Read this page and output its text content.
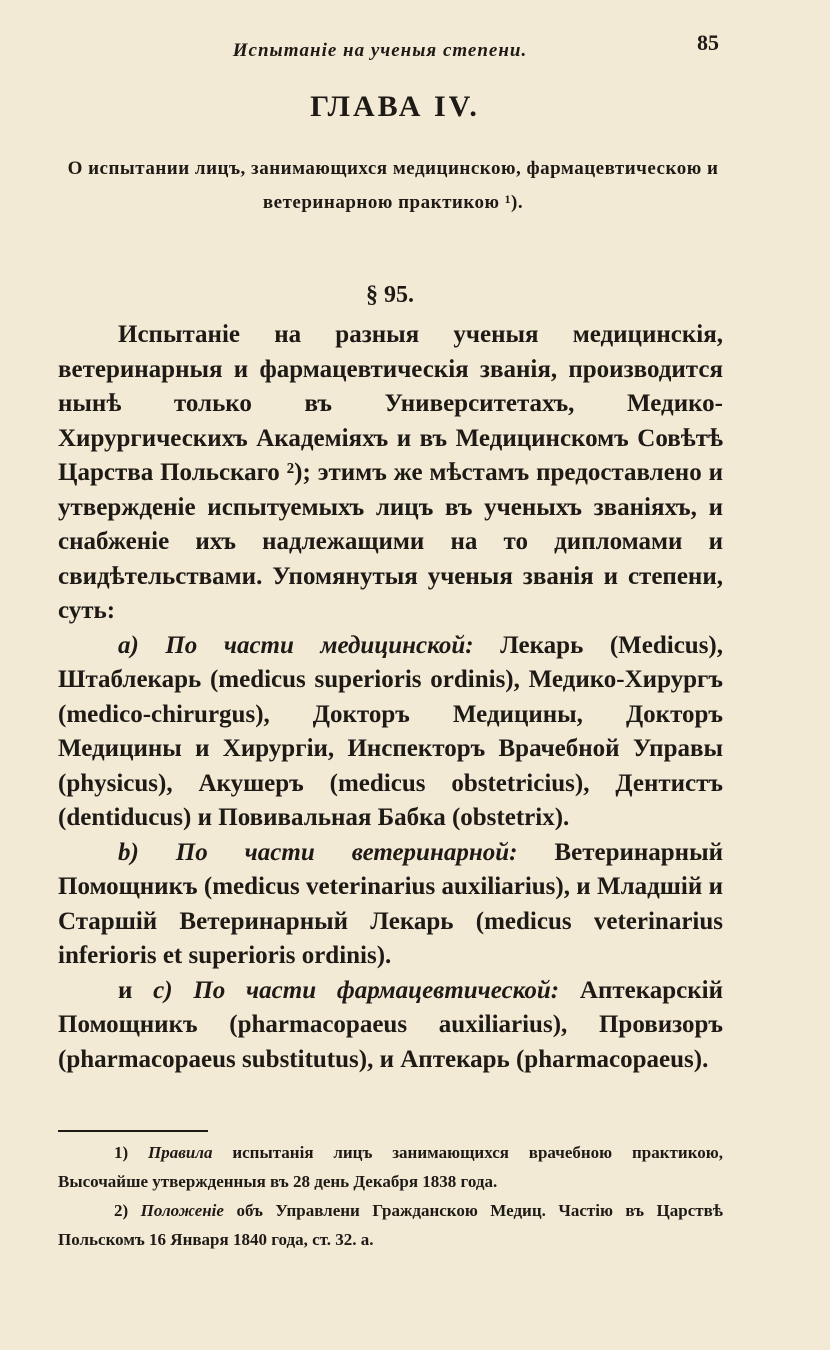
Испытаніе на ученыя степени.	85
ГЛАВА IV.
О испытании лицъ, занимающихся медицинскою, фармацевтическою и ветеринарною практикою ¹).
§ 95.

Испытаніе на разныя ученыя медицинскія, ветеринарныя и фармацевтическія званія, производится нынѣ только въ Университетахъ, Медико-Хирургическихъ Академіяхъ и въ Медицинскомъ Совѣтѣ Царства Польскаго ²); этимъ же мѣстамъ предоставлено и утвержденіе испытуемыхъ лицъ въ ученыхъ званіяхъ, и снабженіе ихъ надлежащими на то дипломами и свидѣтельствами. Упомянутыя ученыя званія и степени, суть:

a) По части медицинской: Лекарь (Medicus), Штаблекарь (medicus superioris ordinis), Медико-Хирургъ (medico-chirurgus), Докторъ Медицины, Докторъ Медицины и Хирургіи, Инспекторъ Врачебной Управы (physicus), Акушеръ (medicus obstetricius), Дентистъ (dentiducus) и Повивальная Бабка (obstetrix).

b) По части ветеринарной: Ветеринарный Помощникъ (medicus veterinarius auxiliarius), и Младшій и Старшій Ветеринарный Лекарь (medicus veterinarius inferioris et superioris ordinis).

и c) По части фармацевтической: Аптекарскій Помощникъ (pharmacopaeus auxiliarius), Провизоръ (pharmacopaeus substitutus), и Аптекарь (pharmacopaeus).

1) Правила испытанія лицъ занимающихся врачебною практикою, Высочайше утвержденныя въ 28 день Декабря 1838 года.

2) Положеніе объ Управлени Гражданскою Медиц. Частію въ Царствѣ Польскомъ 16 Января 1840 года, ст. 32. а.
